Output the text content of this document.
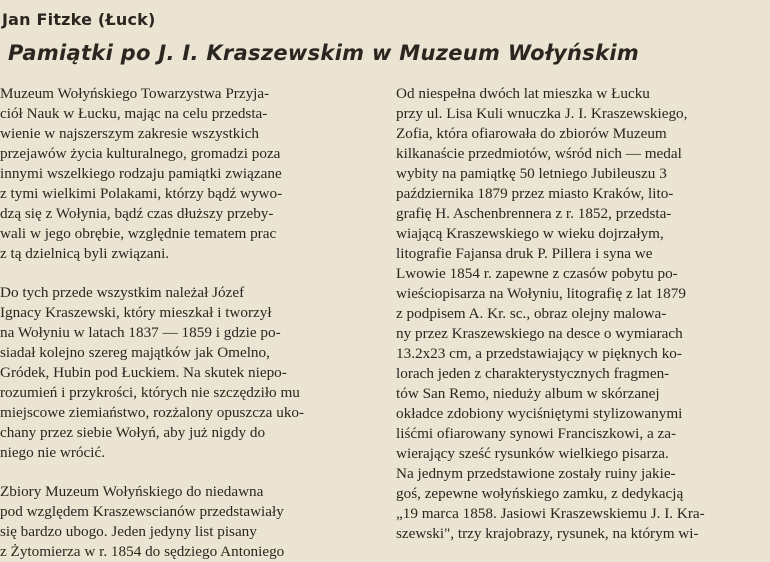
Jan Fitzke (Łuck)
Pamiątki po J. I. Kraszewskim w Muzeum Wołyńskim
Muzeum Wołyńskiego Towarzystwa Przyja-
ciół Nauk w Łucku, mając na celu przedsta-
wienie w najszerszym zakresie wszystkich
przejawów życia kulturalnego, gromadzi poza
innymi wszelkiego rodzaju pamiątki związane
z tymi wielkimi Polakami, którzy bądź wywo-
dzą się z Wołynia, bądź czas dłuższy przeby-
wali w jego obrębie, względnie tematem prac
z tą dzielnicą byli związani.
Do tych przede wszystkim należał Józef
Ignacy Kraszewski, który mieszkał i tworzył
na Wołyniu w latach 1837 — 1859 i gdzie po-
siadał kolejno szereg majątków jak Omelno,
Gródek, Hubin pod Łuckiem. Na skutek niepo-
rozumień i przykrości, których nie szczędziło mu
miejscowe ziemiaństwo, rozżalony opuszcza uko-
chany przez siebie Wołyń, aby już nigdy do
niego nie wrócić.
Zbiory Muzeum Wołyńskiego do niedawna
pod względem Kraszewscianów przedstawiały
się bardzo ubogo. Jeden jedyny list pisany
z Żytomierza w r. 1854 do sędziego Antoniego
Od niespełna dwóch lat mieszka w Łucku
przy ul. Lisa Kuli wnuczka J. I. Kraszewskiego,
Zofia, która ofiarowała do zbiorów Muzeum
kilkanaście przedmiotów, wśród nich — medal
wybity na pamiątkę 50 letniego Jubileuszu 3
października 1879 przez miasto Kraków, lito-
grafię H. Aschenbrennera z r. 1852, przedsta-
wiającą Kraszewskiego w wieku dojrzałym,
litografie Fajansa druk P. Pillera i syna we
Lwowie 1854 r. zapewne z czasów pobytu po-
wieściopisarza na Wołyniu, litografię z lat 1879
z podpisem A. Kr. sc., obraz olejny malowa-
ny przez Kraszewskiego na desce o wymiarach
13.2x23 cm, a przedstawiający w pięknych ko-
lorach jeden z charakterystycznych fragmen-
tów San Remo, nieduży album w skórzanej
okładce zdobiony wyciśniętymi stylizowanymi
liśćmi ofiarowany synowi Franciszkowi, a za-
wierający sześć rysunków wielkiego pisarza.
Na jednym przedstawione zostały ruiny jakie-
goś, zepewne wołyńskiego zamku, z dedykacją
„19 marca 1858. Jasiowi Kraszewskiemu J. I. Kra-
szewski", trzy krajobrazy, rysunek, na którym wi-
